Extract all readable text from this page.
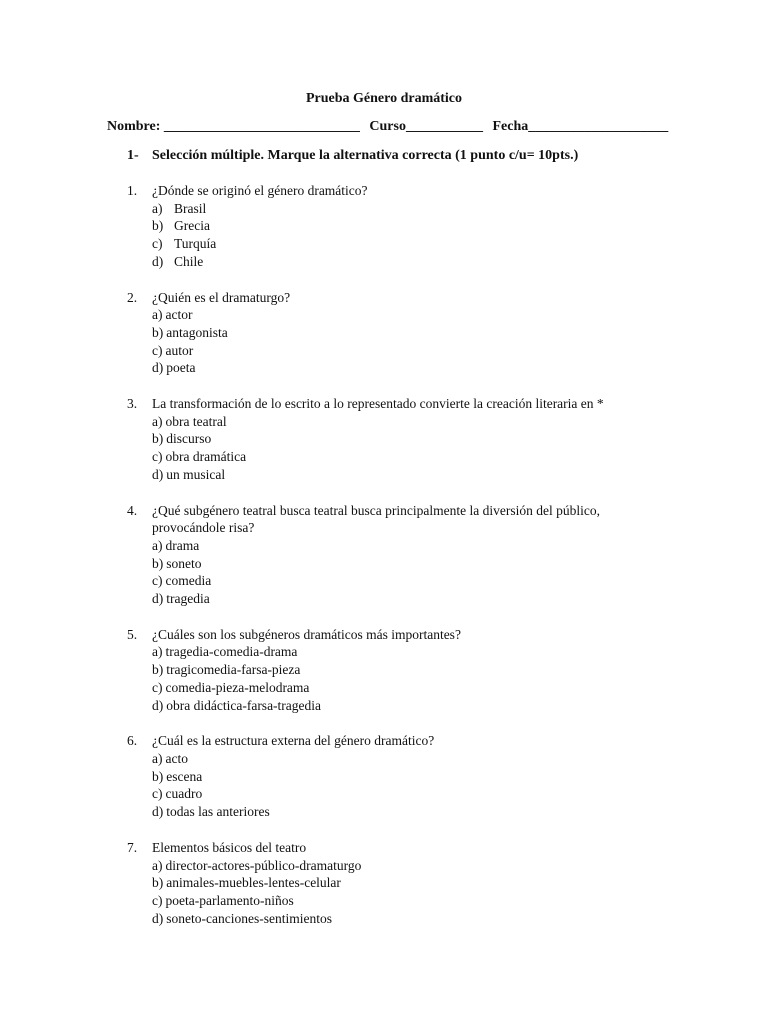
Prueba Género dramático
Nombre: ____________________________ Curso___________ Fecha____________________
1- Selección múltiple. Marque la alternativa correcta (1 punto c/u= 10pts.)
1.	¿Dónde se originó el género dramático?
a) Brasil
b) Grecia
c) Turquía
d) Chile
2.	¿Quién es el dramaturgo?
a) actor
b) antagonista
c) autor
d) poeta
3.	La transformación de lo escrito a lo representado convierte la creación literaria en *
a) obra teatral
b) discurso
c) obra dramática
d) un musical
4.	¿Qué subgénero teatral busca teatral busca principalmente la diversión del público, provocándole risa?
a) drama
b) soneto
c) comedia
d) tragedia
5.	¿Cuáles son los subgéneros dramáticos más importantes?
a) tragedia-comedia-drama
b) tragicomedia-farsa-pieza
c) comedia-pieza-melodrama
d) obra didáctica-farsa-tragedia
6.	¿Cuál es la estructura externa del género dramático?
a) acto
b) escena
c) cuadro
d) todas las anteriores
7.	Elementos básicos del teatro
a) director-actores-público-dramaturgo
b) animales-muebles-lentes-celular
c) poeta-parlamento-niños
d) soneto-canciones-sentimientos
